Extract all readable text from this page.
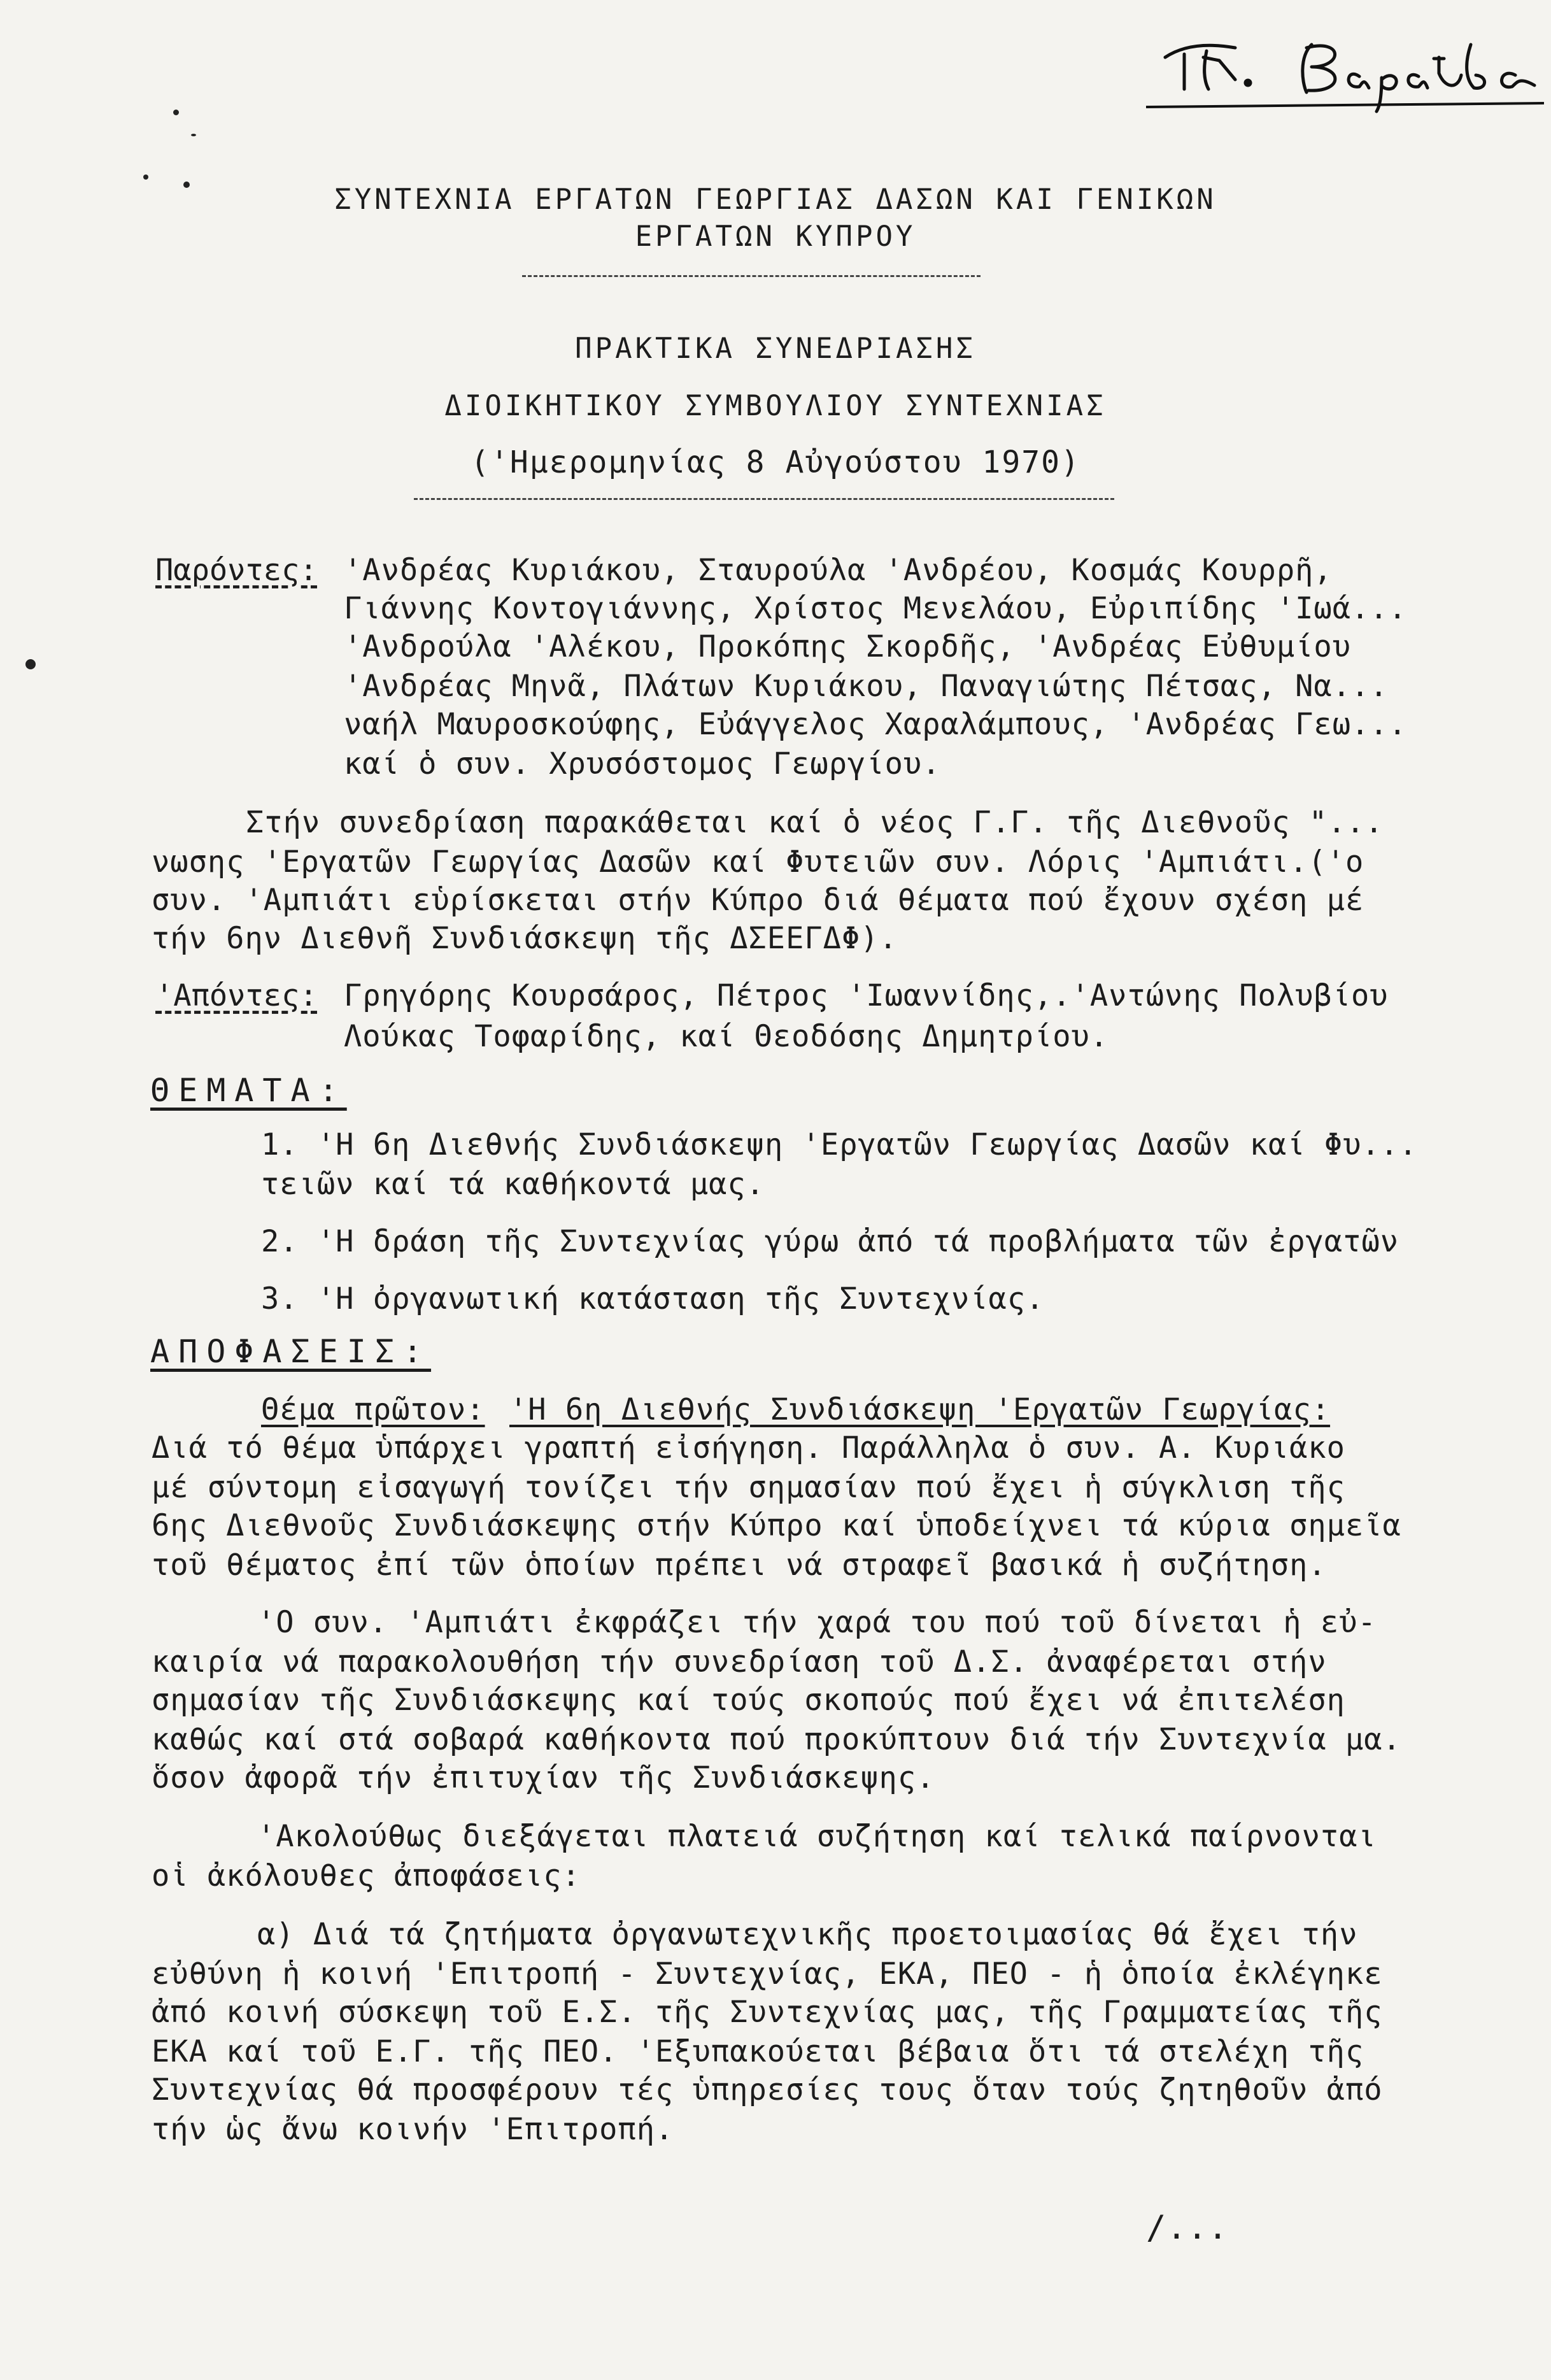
ΣΥΝΤΕΧΝΙΑ ΕΡΓΑΤΩΝ ΓΕΩΡΓΙΑΣ ΔΑΣΩΝ ΚΑΙ ΓΕΝΙΚΩΝ
ΕΡΓΑΤΩΝ ΚΥΠΡΟΥ
ΠΡΑΚΤΙΚΑ ΣΥΝΕΔΡΙΑΣΗΣ
ΔΙΟΙΚΗΤΙΚΟΥ ΣΥΜΒΟΥΛΙΟΥ ΣΥΝΤΕΧΝΙΑΣ
('Ημερομηνίας 8 Αὐγούστου 1970)
Παρόντες: 'Ανδρέας Κυριάκου, Σταυρούλα 'Ανδρέου, Κοσμάς Κουρρῆ,
Γιάννης Κοντογιάννης, Χρίστος Μενελάου, Εὐριπίδης 'Ιωά...
'Ανδρούλα 'Αλέκου, Προκόπης Σκορδῆς, 'Ανδρέας Εὐθυμίου
'Ανδρέας Μηνᾶ, Πλάτων Κυριάκου, Παναγιώτης Πέτσας, Να...
ναήλ Μαυροσκούφης, Εὐάγγελος Χαραλάμπους, 'Ανδρέας Γεω...
καί ὁ συν. Χρυσόστομος Γεωργίου.
Στήν συνεδρίαση παρακάθεται καί ὁ νέος Γ.Γ. τῆς Διεθνοῦς "...
νωσης 'Εργατῶν Γεωργίας Δασῶν καί Φυτειῶν συν. Λόρις 'Αμπιάτι.('ο
συν. 'Αμπιάτι εὑρίσκεται στήν Κύπρο διά θέματα πού ἔχουν σχέση μέ
τήν 6ην Διεθνῆ Συνδιάσκεψη τῆς ΔΣΕΕΓΔΦ).
'Απόντες: Γρηγόρης Κουρσάρος, Πέτρος 'Ιωαννίδης,.'Αντώνης Πολυβίου
Λούκας Τοφαρίδης, καί Θεοδόσης Δημητρίου.
ΘΕΜΑΤΑ:
1. 'Η 6η Διεθνής Συνδιάσκεψη 'Εργατῶν Γεωργίας Δασῶν καί Φυ...
τειῶν καί τά καθήκοντά μας.
2. 'Η δράση τῆς Συντεχνίας γύρω ἀπό τά προβλήματα τῶν ἐργατῶν
3. 'Η ὀργανωτική κατάσταση τῆς Συντεχνίας.
ΑΠΟΦΑΣΕΙΣ:
Θέμα πρῶτον: 'Η 6η Διεθνής Συνδιάσκεψη 'Εργατῶν Γεωργίας:
Διά τό θέμα ὑπάρχει γραπτή εἰσήγηση. Παράλληλα ὁ συν. Α. Κυριάκο
μέ σύντομη εἰσαγωγή τονίζει τήν σημασίαν πού ἔχει ἡ σύγκλιση τῆς
6ης Διεθνοῦς Συνδιάσκεψης στήν Κύπρο καί ὑποδείχνει τά κύρια σημεῖα
τοῦ θέματος ἐπί τῶν ὁποίων πρέπει νά στραφεῖ βασικά ἡ συζήτηση.
'Ο συν. 'Αμπιάτι ἐκφράζει τήν χαρά του πού τοῦ δίνεται ἡ εὐ-
καιρία νά παρακολουθήση τήν συνεδρίαση τοῦ Δ.Σ. ἀναφέρεται στήν
σημασίαν τῆς Συνδιάσκεψης καί τούς σκοπούς πού ἔχει νά ἐπιτελέση
καθώς καί στά σοβαρά καθήκοντα πού προκύπτουν διά τήν Συντεχνία μα.
ὅσον ἀφορᾶ τήν ἐπιτυχίαν τῆς Συνδιάσκεψης.
'Ακολούθως διεξάγεται πλατειά συζήτηση καί τελικά παίρνονται
οἱ ἀκόλουθες ἀποφάσεις:
α) Διά τά ζητήματα ὀργανωτεχνικῆς προετοιμασίας θά ἔχει τήν
εὐθύνη ἡ κοινή 'Επιτροπή - Συντεχνίας, ΕΚΑ, ΠΕΟ - ἡ ὁποία ἐκλέγηκε
ἀπό κοινή σύσκεψη τοῦ Ε.Σ. τῆς Συντεχνίας μας, τῆς Γραμματείας τῆς
ΕΚΑ καί τοῦ Ε.Γ. τῆς ΠΕΟ. 'Εξυπακούεται βέβαια ὅτι τά στελέχη τῆς
Συντεχνίας θά προσφέρουν τές ὑπηρεσίες τους ὅταν τούς ζητηθοῦν ἀπό
τήν ὡς ἄνω κοινήν 'Επιτροπή.
/...
